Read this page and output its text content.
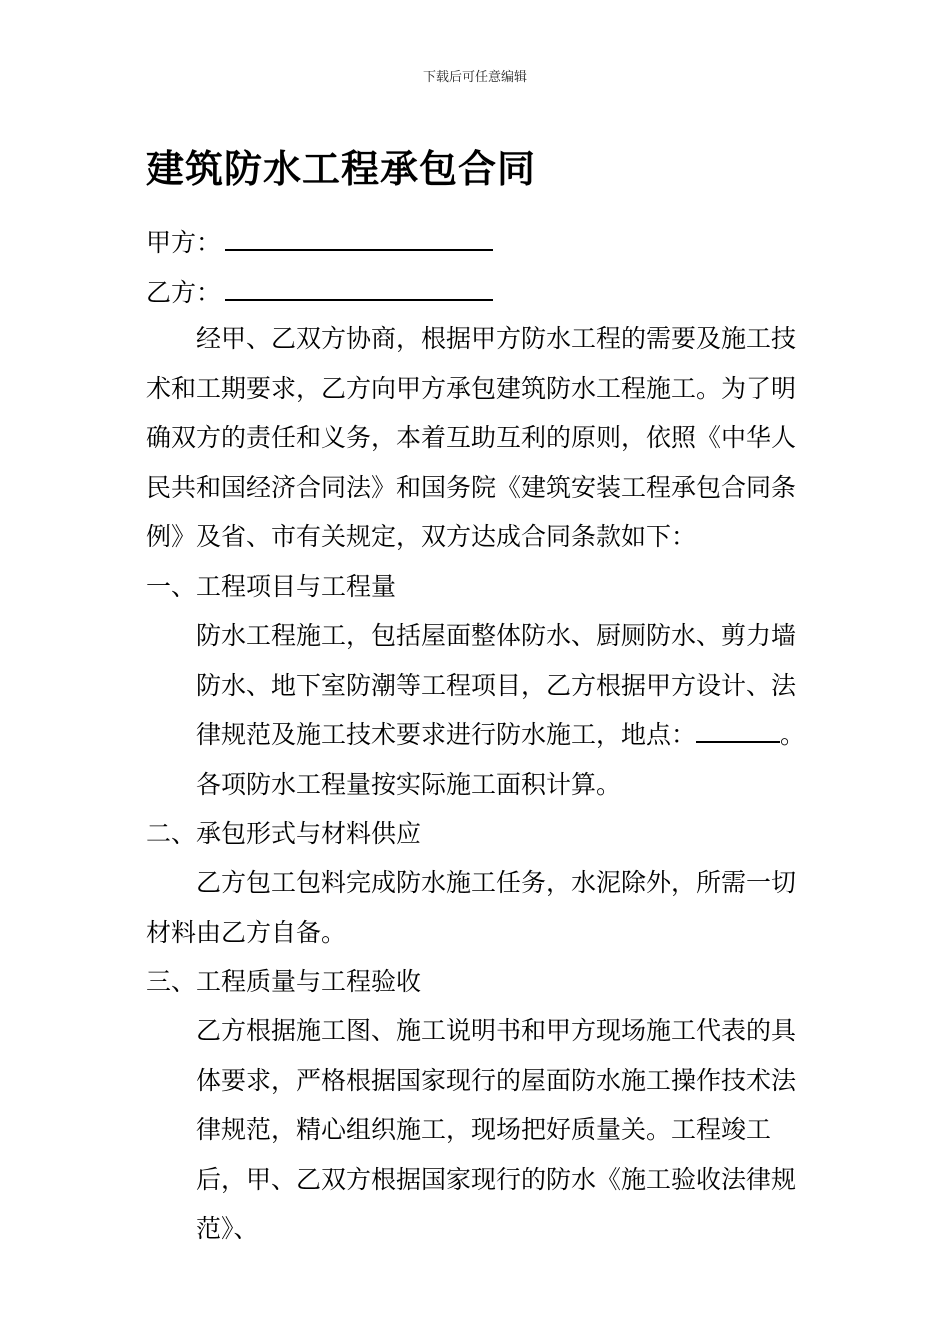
下载后可任意编辑
建筑防水工程承包合同
甲方：
乙方：

经甲、乙双方协商，根据甲方防水工程的需要及施工技术和工期要求，乙方向甲方承包建筑防水工程施工。为了明确双方的责任和义务，本着互助互利的原则，依照《中华人民共和国经济合同法》和国务院《建筑安装工程承包合同条例》及省、市有关规定，双方达成合同条款如下：

一、工程项目与工程量

防水工程施工，包括屋面整体防水、厨厕防水、剪力墙防水、地下室防潮等工程项目，乙方根据甲方设计、法律规范及施工技术要求进行防水施工，地点：	。各项防水工程量按实际施工面积计算。

二、承包形式与材料供应

乙方包工包料完成防水施工任务，水泥除外，所需一切材料由乙方自备。

三、工程质量与工程验收

乙方根据施工图、施工说明书和甲方现场施工代表的具体要求，严格根据国家现行的屋面防水施工操作技术法律规范，精心组织施工，现场把好质量关。工程竣工后，甲、乙双方根据国家现行的防水《施工验收法律规范》、
